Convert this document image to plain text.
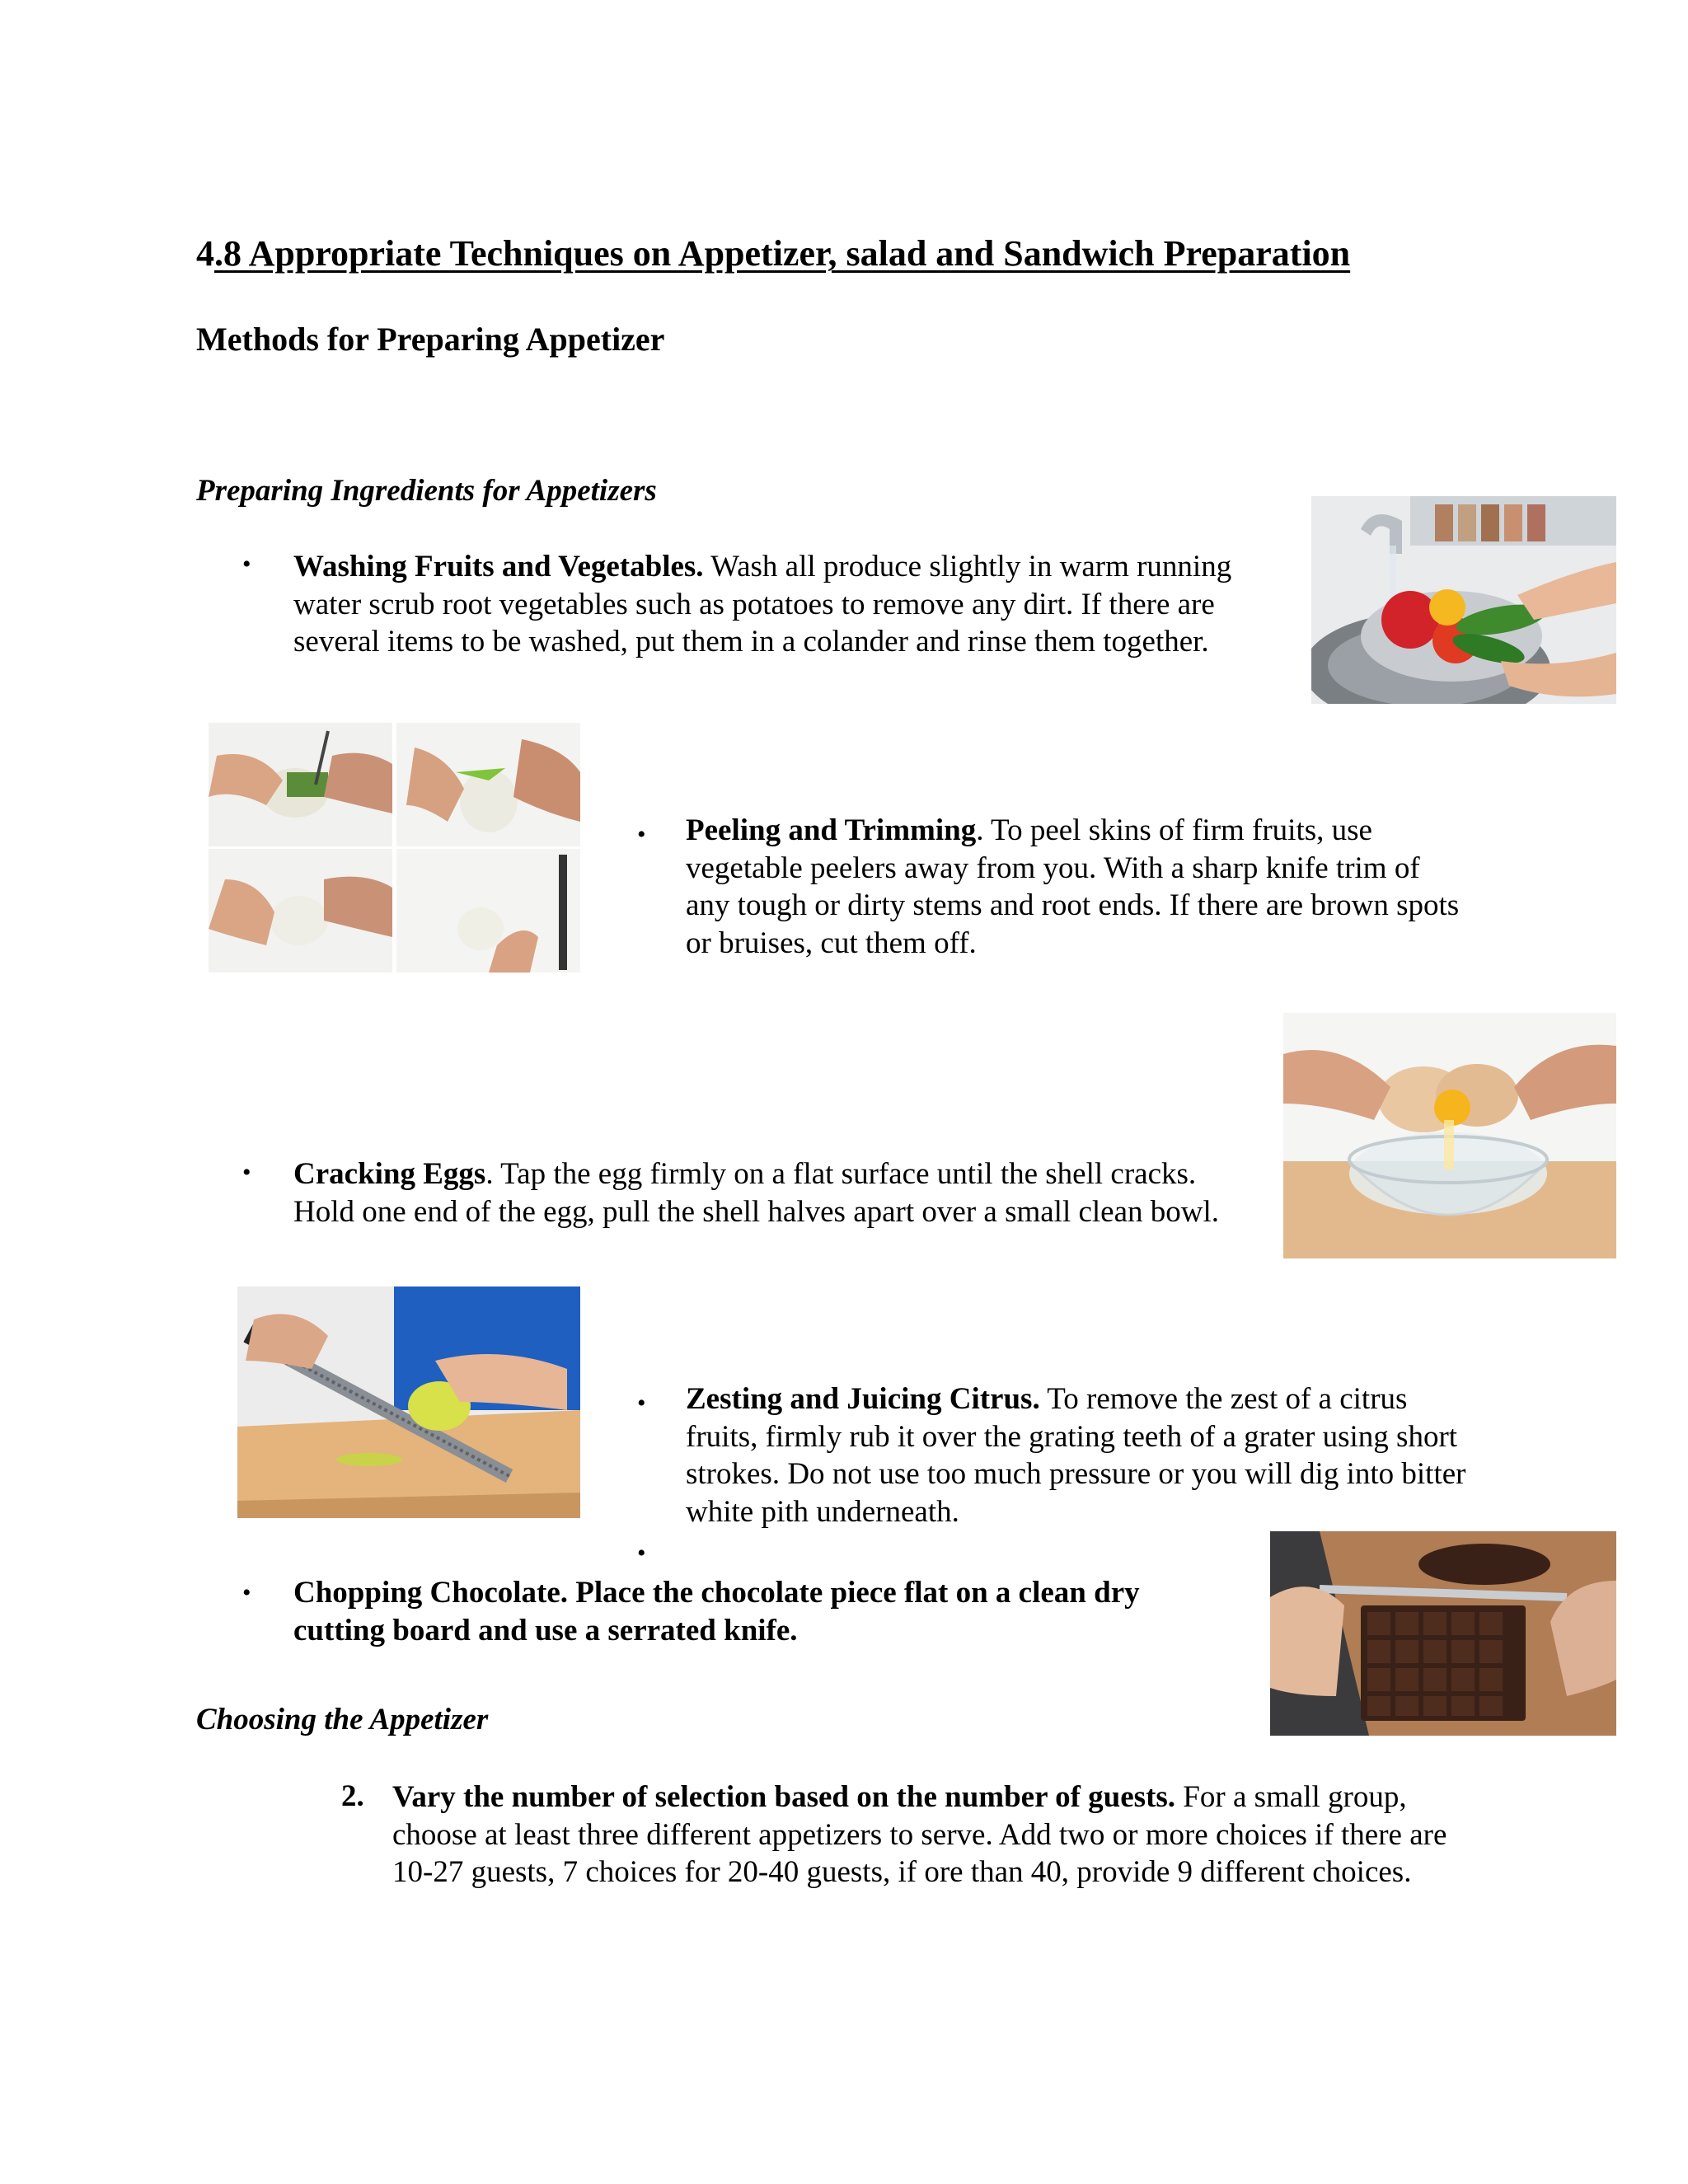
4.8 Appropriate Techniques on Appetizer, salad and Sandwich Preparation
Methods for Preparing Appetizer
Preparing Ingredients for Appetizers
• Washing Fruits and Vegetables. Wash all produce slightly in warm running water scrub root vegetables such as potatoes to remove any dirt. If there are several items to be washed, put them in a colander and rinse them together.
• Peeling and Trimming. To peel skins of firm fruits, use vegetable peelers away from you. With a sharp knife trim of any tough or dirty stems and root ends. If there are brown spots or bruises, cut them off.
• Cracking Eggs. Tap the egg firmly on a flat surface until the shell cracks. Hold one end of the egg, pull the shell halves apart over a small clean bowl.
• Zesting and Juicing Citrus. To remove the zest of a citrus fruits, firmly rub it over the grating teeth of a grater using short strokes. Do not use too much pressure or you will dig into bitter white pith underneath.
•
• Chopping Chocolate. Place the chocolate piece flat on a clean dry cutting board and use a serrated knife.
Choosing the Appetizer
2. Vary the number of selection based on the number of guests. For a small group, choose at least three different appetizers to serve. Add two or more choices if there are 10-27 guests, 7 choices for 20-40 guests, if ore than 40, provide 9 different choices.
